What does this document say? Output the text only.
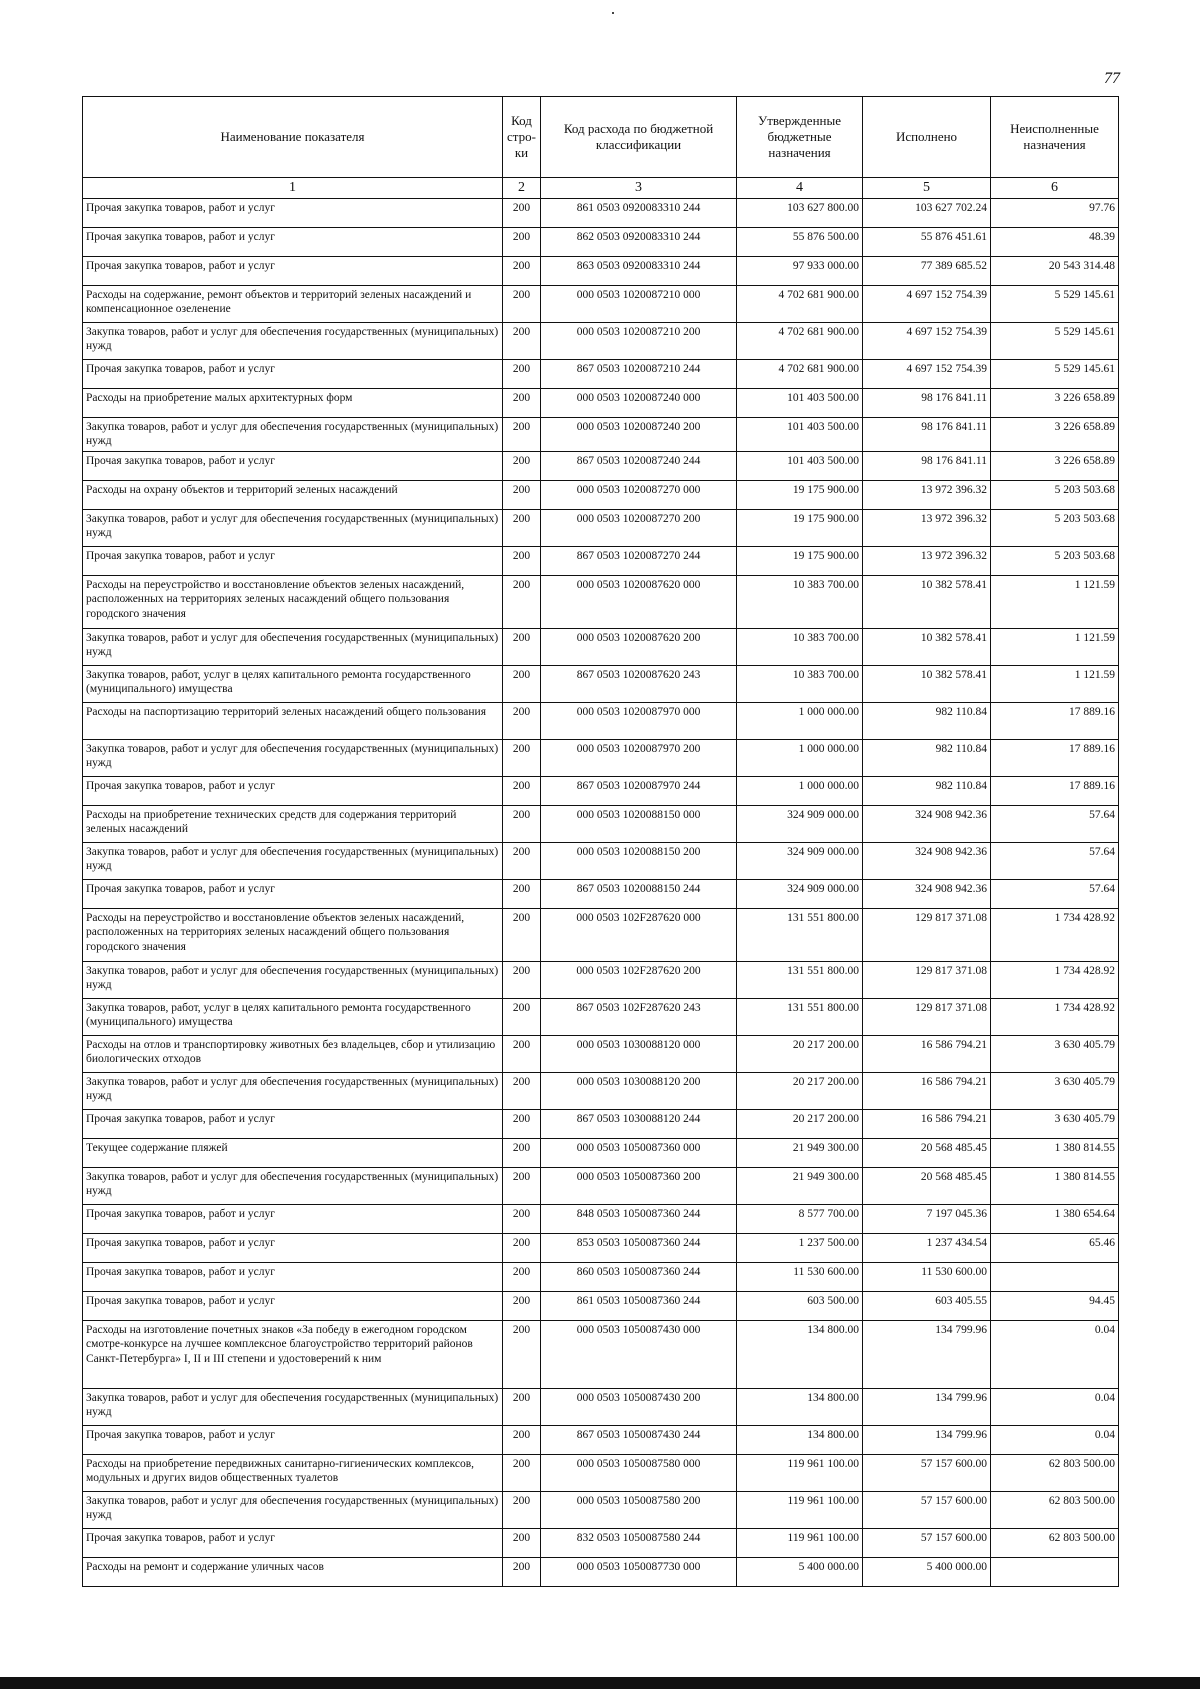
77
Наименование показателя	Код стро-ки	Код расхода по бюджетной классификации	Утвержденные бюджетные назначения	Исполнено	Неисполненные назначения
1	2	3	4	5	6
Прочая закупка товаров, работ и услуг	200	861 0503 0920083310 244	103 627 800.00	103 627 702.24	97.76
Прочая закупка товаров, работ и услуг	200	862 0503 0920083310 244	55 876 500.00	55 876 451.61	48.39
Прочая закупка товаров, работ и услуг	200	863 0503 0920083310 244	97 933 000.00	77 389 685.52	20 543 314.48
Расходы на содержание, ремонт объектов и территорий зеленых насаждений и компенсационное озеленение	200	000 0503 1020087210 000	4 702 681 900.00	4 697 152 754.39	5 529 145.61
Закупка товаров, работ и услуг для обеспечения государственных (муниципальных) нужд	200	000 0503 1020087210 200	4 702 681 900.00	4 697 152 754.39	5 529 145.61
Прочая закупка товаров, работ и услуг	200	867 0503 1020087210 244	4 702 681 900.00	4 697 152 754.39	5 529 145.61
Расходы на приобретение малых архитектурных форм	200	000 0503 1020087240 000	101 403 500.00	98 176 841.11	3 226 658.89
Закупка товаров, работ и услуг для обеспечения государственных (муниципальных) нужд	200	000 0503 1020087240 200	101 403 500.00	98 176 841.11	3 226 658.89
Прочая закупка товаров, работ и услуг	200	867 0503 1020087240 244	101 403 500.00	98 176 841.11	3 226 658.89
Расходы на охрану объектов и территорий зеленых насаждений	200	000 0503 1020087270 000	19 175 900.00	13 972 396.32	5 203 503.68
Закупка товаров, работ и услуг для обеспечения государственных (муниципальных) нужд	200	000 0503 1020087270 200	19 175 900.00	13 972 396.32	5 203 503.68
Прочая закупка товаров, работ и услуг	200	867 0503 1020087270 244	19 175 900.00	13 972 396.32	5 203 503.68
Расходы на переустройство и восстановление объектов зеленых насаждений, расположенных на территориях зеленых насаждений общего пользования городского значения	200	000 0503 1020087620 000	10 383 700.00	10 382 578.41	1 121.59
Закупка товаров, работ и услуг для обеспечения государственных (муниципальных) нужд	200	000 0503 1020087620 200	10 383 700.00	10 382 578.41	1 121.59
Закупка товаров, работ, услуг в целях капитального ремонта государственного (муниципального) имущества	200	867 0503 1020087620 243	10 383 700.00	10 382 578.41	1 121.59
Расходы на паспортизацию территорий зеленых насаждений общего пользования	200	000 0503 1020087970 000	1 000 000.00	982 110.84	17 889.16
Закупка товаров, работ и услуг для обеспечения государственных (муниципальных) нужд	200	000 0503 1020087970 200	1 000 000.00	982 110.84	17 889.16
Прочая закупка товаров, работ и услуг	200	867 0503 1020087970 244	1 000 000.00	982 110.84	17 889.16
Расходы на приобретение технических средств для содержания территорий зеленых насаждений	200	000 0503 1020088150 000	324 909 000.00	324 908 942.36	57.64
Закупка товаров, работ и услуг для обеспечения государственных (муниципальных) нужд	200	000 0503 1020088150 200	324 909 000.00	324 908 942.36	57.64
Прочая закупка товаров, работ и услуг	200	867 0503 1020088150 244	324 909 000.00	324 908 942.36	57.64
Расходы на переустройство и восстановление объектов зеленых насаждений, расположенных на территориях зеленых насаждений общего пользования городского значения	200	000 0503 102F287620 000	131 551 800.00	129 817 371.08	1 734 428.92
Закупка товаров, работ и услуг для обеспечения государственных (муниципальных) нужд	200	000 0503 102F287620 200	131 551 800.00	129 817 371.08	1 734 428.92
Закупка товаров, работ, услуг в целях капитального ремонта государственного (муниципального) имущества	200	867 0503 102F287620 243	131 551 800.00	129 817 371.08	1 734 428.92
Расходы на отлов и транспортировку животных без владельцев, сбор и утилизацию биологических отходов	200	000 0503 1030088120 000	20 217 200.00	16 586 794.21	3 630 405.79
Закупка товаров, работ и услуг для обеспечения государственных (муниципальных) нужд	200	000 0503 1030088120 200	20 217 200.00	16 586 794.21	3 630 405.79
Прочая закупка товаров, работ и услуг	200	867 0503 1030088120 244	20 217 200.00	16 586 794.21	3 630 405.79
Текущее содержание пляжей	200	000 0503 1050087360 000	21 949 300.00	20 568 485.45	1 380 814.55
Закупка товаров, работ и услуг для обеспечения государственных (муниципальных) нужд	200	000 0503 1050087360 200	21 949 300.00	20 568 485.45	1 380 814.55
Прочая закупка товаров, работ и услуг	200	848 0503 1050087360 244	8 577 700.00	7 197 045.36	1 380 654.64
Прочая закупка товаров, работ и услуг	200	853 0503 1050087360 244	1 237 500.00	1 237 434.54	65.46
Прочая закупка товаров, работ и услуг	200	860 0503 1050087360 244	11 530 600.00	11 530 600.00	
Прочая закупка товаров, работ и услуг	200	861 0503 1050087360 244	603 500.00	603 405.55	94.45
Расходы на изготовление почетных знаков «За победу в ежегодном городском смотре-конкурсе на лучшее комплексное благоустройство территорий районов Санкт-Петербурга» I, II и III степени и удостоверений к ним	200	000 0503 1050087430 000	134 800.00	134 799.96	0.04
Закупка товаров, работ и услуг для обеспечения государственных (муниципальных) нужд	200	000 0503 1050087430 200	134 800.00	134 799.96	0.04
Прочая закупка товаров, работ и услуг	200	867 0503 1050087430 244	134 800.00	134 799.96	0.04
Расходы на приобретение передвижных санитарно-гигиенических комплексов, модульных и других видов общественных туалетов	200	000 0503 1050087580 000	119 961 100.00	57 157 600.00	62 803 500.00
Закупка товаров, работ и услуг для обеспечения государственных (муниципальных) нужд	200	000 0503 1050087580 200	119 961 100.00	57 157 600.00	62 803 500.00
Прочая закупка товаров, работ и услуг	200	832 0503 1050087580 244	119 961 100.00	57 157 600.00	62 803 500.00
Расходы на ремонт и содержание уличных часов	200	000 0503 1050087730 000	5 400 000.00	5 400 000.00	
